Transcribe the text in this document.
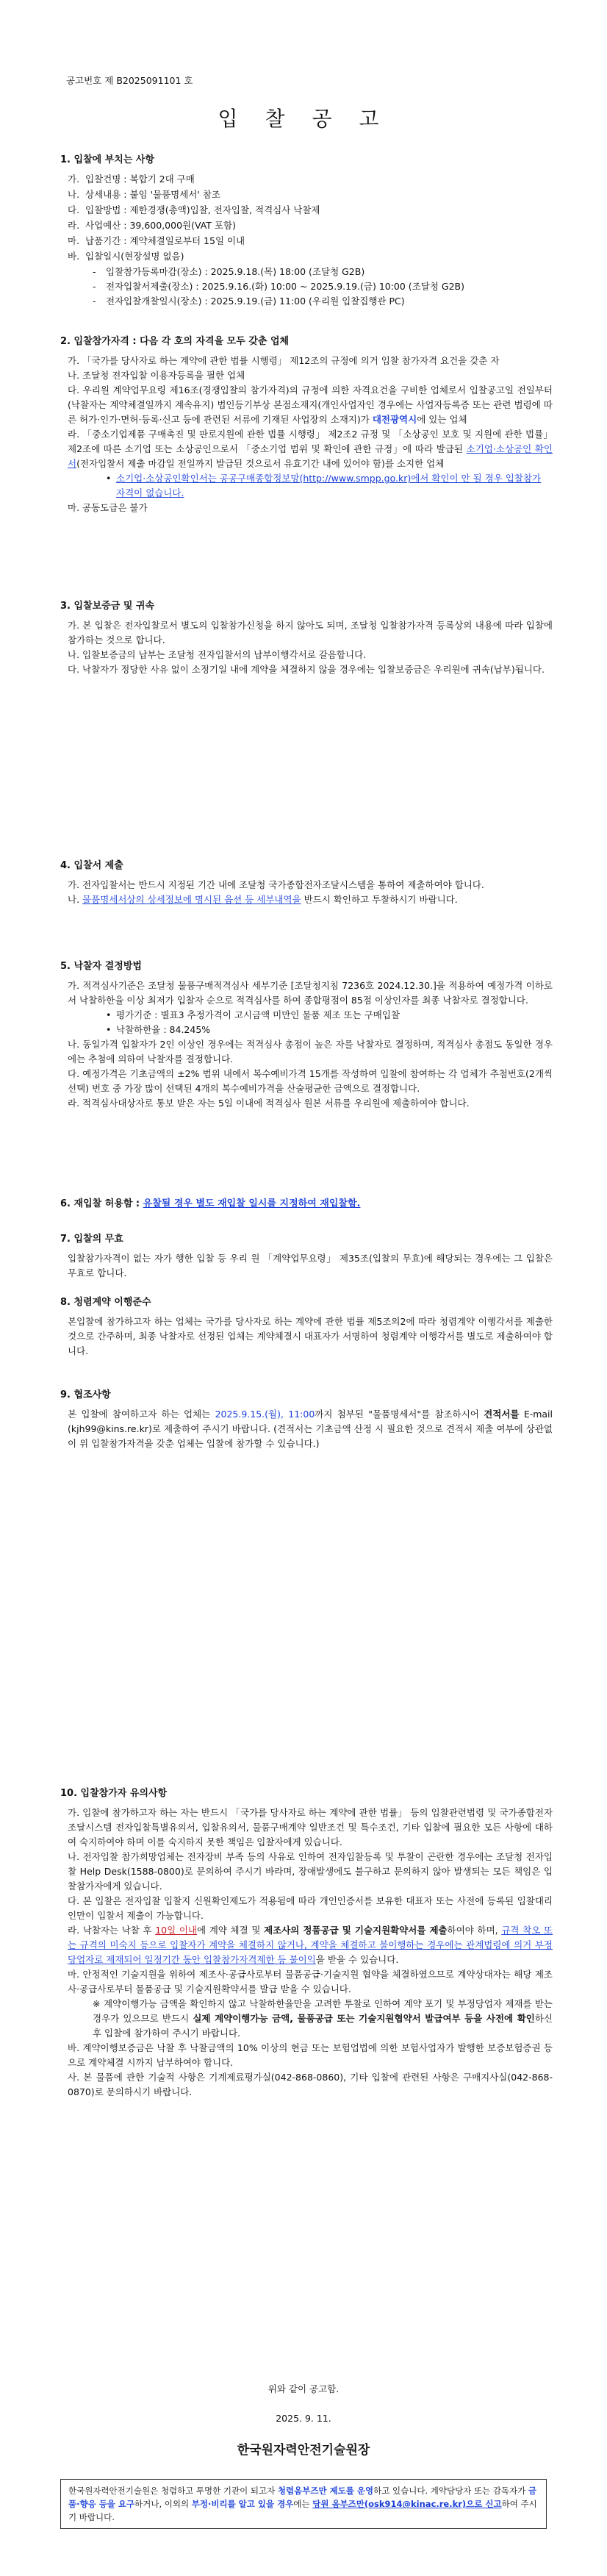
공고번호 제 B2025091101 호
입 찰 공 고
1. 입찰에 부치는 사항
가. 입찰건명 : 복합기 2대 구매
나. 상세내용 : 붙임 '물품명세서' 참조
다. 입찰방법 : 제한경쟁(총액)입찰, 전자입찰, 적격심사 낙찰제
라. 사업예산 : 39,600,000원(VAT 포함)
마. 납품기간 : 계약체결일로부터 15일 이내
바. 입찰일시(현장설명 없음)
-	입찰참가등록마감(장소) : 2025.9.18.(목) 18:00 (조달청 G2B)
-	전자입찰서제출(장소) : 2025.9.16.(화) 10:00 ~ 2025.9.19.(금) 10:00 (조달청 G2B)
-	전자입찰개찰일시(장소) : 2025.9.19.(금) 11:00 (우리원 입찰집행관 PC)
2. 입찰참가자격 : 다음 각 호의 자격을 모두 갖춘 업체
가. 「국가를 당사자로 하는 계약에 관한 법률 시행령」 제12조의 규정에 의거 입찰 참가자격 요건을 갖춘 자
나. 조달청 전자입찰 이용자등록을 필한 업체
다. 우리원 계약업무요령 제16조(경쟁입찰의 참가자격)의 규정에 의한 자격요건을 구비한 업체로서 입찰공고일 전일부터(낙찰자는 계약체결일까지 계속유지) 법인등기부상 본점소재지(개인사업자인 경우에는 사업자등록증 또는 관련 법령에 따른 허가·인가·면허·등록·신고 등에 관련된 서류에 기재된 사업장의 소재지)가 대전광역시에 있는 업체
라. 「중소기업제품 구매촉진 및 판로지원에 관한 법률 시행령」 제2조2 규정 및 「소상공인 보호 및 지원에 관한 법률」 제2조에 따른 소기업 또는 소상공인으로서 「중소기업 범위 및 확인에 관한 규정」에 따라 발급된 소기업·소상공인 확인서(전자입찰서 제출 마감일 전일까지 발급된 것으로서 유효기간 내에 있어야 함)를 소지한 업체
• 소기업·소상공인확인서는 공공구매종합정보망(http://www.smpp.go.kr)에서 확인이 안 될 경우 입찰참가 자격이 없습니다.
마. 공동도급은 불가
3. 입찰보증금 및 귀속
가. 본 입찰은 전자입찰로서 별도의 입찰참가신청을 하지 않아도 되며, 조달청 입찰참가자격 등록상의 내용에 따라 입찰에 참가하는 것으로 합니다.
나. 입찰보증금의 납부는 조달청 전자입찰서의 납부이행각서로 갈음합니다.
다. 낙찰자가 정당한 사유 없이 소정기일 내에 계약을 체결하지 않을 경우에는 입찰보증금은 우리원에 귀속(납부)됩니다.
4. 입찰서 제출
가. 전자입찰서는 반드시 지정된 기간 내에 조달청 국가종합전자조달시스템을 통하여 제출하여야 합니다.
나. 물품명세서상의 상세정보에 명시된 옵션 등 세부내역을 반드시 확인하고 투찰하시기 바랍니다.
5. 낙찰자 결정방법
가. 적격심사기준은 조달청 물품구매적격심사 세부기준 [조달청지침 7236호 2024.12.30.]을 적용하여 예정가격 이하로서 낙찰하한율 이상 최저가 입찰자 순으로 적격심사를 하여 종합평점이 85점 이상인자를 최종 낙찰자로 결정합니다.
• 평가기준 : 별표3 추정가격이 고시금액 미만인 물품 제조 또는 구매입찰
• 낙찰하한율 : 84.245%
나. 동일가격 입찰자가 2인 이상인 경우에는 적격심사 총점이 높은 자를 낙찰자로 결정하며, 적격심사 총점도 동일한 경우에는 추첨에 의하여 낙찰자를 결정합니다.
다. 예정가격은 기초금액의 ±2% 범위 내에서 복수예비가격 15개를 작성하여 입찰에 참여하는 각 업체가 추첨번호(2개씩 선택) 번호 중 가장 많이 선택된 4개의 복수예비가격을 산술평균한 금액으로 결정합니다.
라. 적격심사대상자로 통보 받은 자는 5일 이내에 적격심사 원본 서류를 우리원에 제출하여야 합니다.
6. 재입찰 허용함 : 유찰될 경우 별도 재입찰 일시를 지정하여 재입찰함.
7. 입찰의 무효
입찰참가자격이 없는 자가 행한 입찰 등 우리 원 「계약업무요령」 제35조(입찰의 무효)에 해당되는 경우에는 그 입찰은 무효로 합니다.
8. 청렴계약 이행준수
본입찰에 참가하고자 하는 업체는 국가를 당사자로 하는 계약에 관한 법률 제5조의2에 따라 청렴계약 이행각서를 제출한 것으로 간주하며, 최종 낙찰자로 선정된 업체는 계약체결시 대표자가 서명하여 청렴계약 이행각서를 별도로 제출하여야 합니다.
9. 협조사항
본 입찰에 참여하고자 하는 업체는 2025.9.15.(월), 11:00까지 첨부된 "물품명세서"를 참조하시어 견적서를 E-mail (kjh99@kins.re.kr)로 제출하여 주시기 바랍니다. (견적서는 기초금액 산정 시 필요한 것으로 견적서 제출 여부에 상관없이 위 입찰참가자격을 갖춘 업체는 입찰에 참가할 수 있습니다.)
10. 입찰참가자 유의사항
가. 입찰에 참가하고자 하는 자는 반드시 「국가를 당사자로 하는 계약에 관한 법률」 등의 입찰관련법령 및 국가종합전자조달시스템 전자입찰특별유의서, 입찰유의서, 물품구매계약 일반조건 및 특수조건, 기타 입찰에 필요한 모든 사항에 대하여 숙지하여야 하며 이를 숙지하지 못한 책임은 입찰자에게 있습니다.
나. 전자입찰 참가희망업체는 전자장비 부족 등의 사유로 인하여 전자입찰등록 및 투찰이 곤란한 경우에는 조달청 전자입찰 Help Desk(1588-0800)로 문의하여 주시기 바라며, 장애발생에도 불구하고 문의하지 않아 발생되는 모든 책임은 입찰참가자에게 있습니다.
다. 본 입찰은 전자입찰 입찰지 신원확인제도가 적용됨에 따라 개인인증서를 보유한 대표자 또는 사전에 등록된 입찰대리인만이 입찰서 제출이 가능합니다.
라. 낙찰자는 낙찰 후 10일 이내에 계약 체결 및 제조사의 정품공급 및 기술지원확약서를 제출하여야 하며, 규격 착오 또는 규격의 미숙지 등으로 입찰자가 계약을 체결하지 않거나, 계약을 체결하고 불이행하는 경우에는 관계법령에 의거 부정당업자로 제재되어 일정기간 동안 입찰참가자격제한 등 불이익을 받을 수 있습니다.
마. 안정적인 기술지원을 위하여 제조사·공급사로부터 물품공급·기술지원 협약을 체결하였으므로 계약상대자는 해당 제조사·공급사로부터 물품공급 및 기술지원확약서를 발급 받을 수 있습니다.
※ 계약이행가능 금액을 확인하지 않고 낙찰하한율만을 고려한 투찰로 인하여 계약 포기 및 부정당업자 제재를 받는 경우가 있으므로 반드시 실제 계약이행가능 금액, 물품공급 또는 기술지원협약서 발급여부 등을 사전에 확인하신 후 입찰에 참가하여 주시기 바랍니다.
바. 계약이행보증금은 낙찰 후 낙찰금액의 10% 이상의 현금 또는 보험업법에 의한 보험사업자가 발행한 보증보험증권 등으로 계약체결 시까지 납부하여야 합니다.
사. 본 물품에 관한 기술적 사항은 기계제료평가실(042-868-0860), 기타 입찰에 관련된 사항은 구매지사실(042-868-0870)로 문의하시기 바랍니다.
위와 같이 공고함.
2025. 9. 11.
한국원자력안전기술원장
한국원자력안전기술원은 청렴하고 투명한 기관이 되고자 청렴옴부즈만 제도를 운영하고 있습니다. 계약담당자 또는 감독자가 금품·향응 등을 요구하거나, 이외의 부정·비리를 알고 있을 경우에는 당원 옴부즈만(osk914@kinac.re.kr)으로 신고하여 주시기 바랍니다.
